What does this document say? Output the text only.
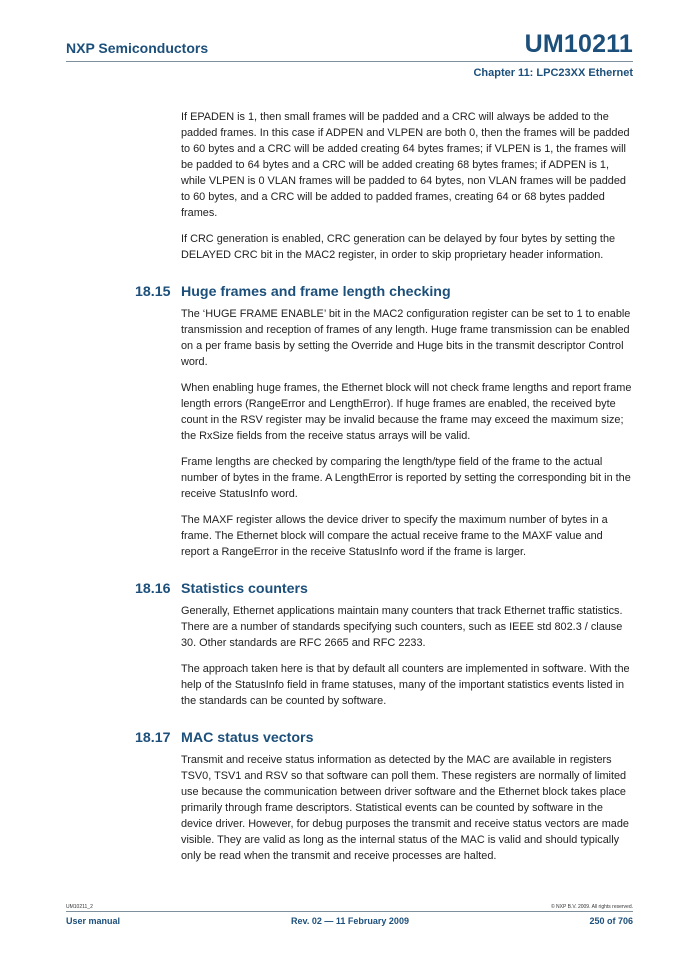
NXP Semiconductors	UM10211
Chapter 11: LPC23XX Ethernet

If EPADEN is 1, then small frames will be padded and a CRC will always be added to the padded frames. In this case if ADPEN and VLPEN are both 0, then the frames will be padded to 60 bytes and a CRC will be added creating 64 bytes frames; if VLPEN is 1, the frames will be padded to 64 bytes and a CRC will be added creating 68 bytes frames; if ADPEN is 1, while VLPEN is 0 VLAN frames will be padded to 64 bytes, non VLAN frames will be padded to 60 bytes, and a CRC will be added to padded frames, creating 64 or 68 bytes padded frames.

If CRC generation is enabled, CRC generation can be delayed by four bytes by setting the DELAYED CRC bit in the MAC2 register, in order to skip proprietary header information.

18.15 Huge frames and frame length checking

The ‘HUGE FRAME ENABLE’ bit in the MAC2 configuration register can be set to 1 to enable transmission and reception of frames of any length. Huge frame transmission can be enabled on a per frame basis by setting the Override and Huge bits in the transmit descriptor Control word.

When enabling huge frames, the Ethernet block will not check frame lengths and report frame length errors (RangeError and LengthError). If huge frames are enabled, the received byte count in the RSV register may be invalid because the frame may exceed the maximum size; the RxSize fields from the receive status arrays will be valid.

Frame lengths are checked by comparing the length/type field of the frame to the actual number of bytes in the frame. A LengthError is reported by setting the corresponding bit in the receive StatusInfo word.

The MAXF register allows the device driver to specify the maximum number of bytes in a frame. The Ethernet block will compare the actual receive frame to the MAXF value and report a RangeError in the receive StatusInfo word if the frame is larger.

18.16 Statistics counters

Generally, Ethernet applications maintain many counters that track Ethernet traffic statistics. There are a number of standards specifying such counters, such as IEEE std 802.3 / clause 30. Other standards are RFC 2665 and RFC 2233.

The approach taken here is that by default all counters are implemented in software. With the help of the StatusInfo field in frame statuses, many of the important statistics events listed in the standards can be counted by software.

18.17 MAC status vectors

Transmit and receive status information as detected by the MAC are available in registers TSV0, TSV1 and RSV so that software can poll them. These registers are normally of limited use because the communication between driver software and the Ethernet block takes place primarily through frame descriptors. Statistical events can be counted by software in the device driver. However, for debug purposes the transmit and receive status vectors are made visible. They are valid as long as the internal status of the MAC is valid and should typically only be read when the transmit and receive processes are halted.

UM10211_2	© NXP B.V. 2009. All rights reserved.
User manual	Rev. 02 — 11 February 2009	250 of 706
